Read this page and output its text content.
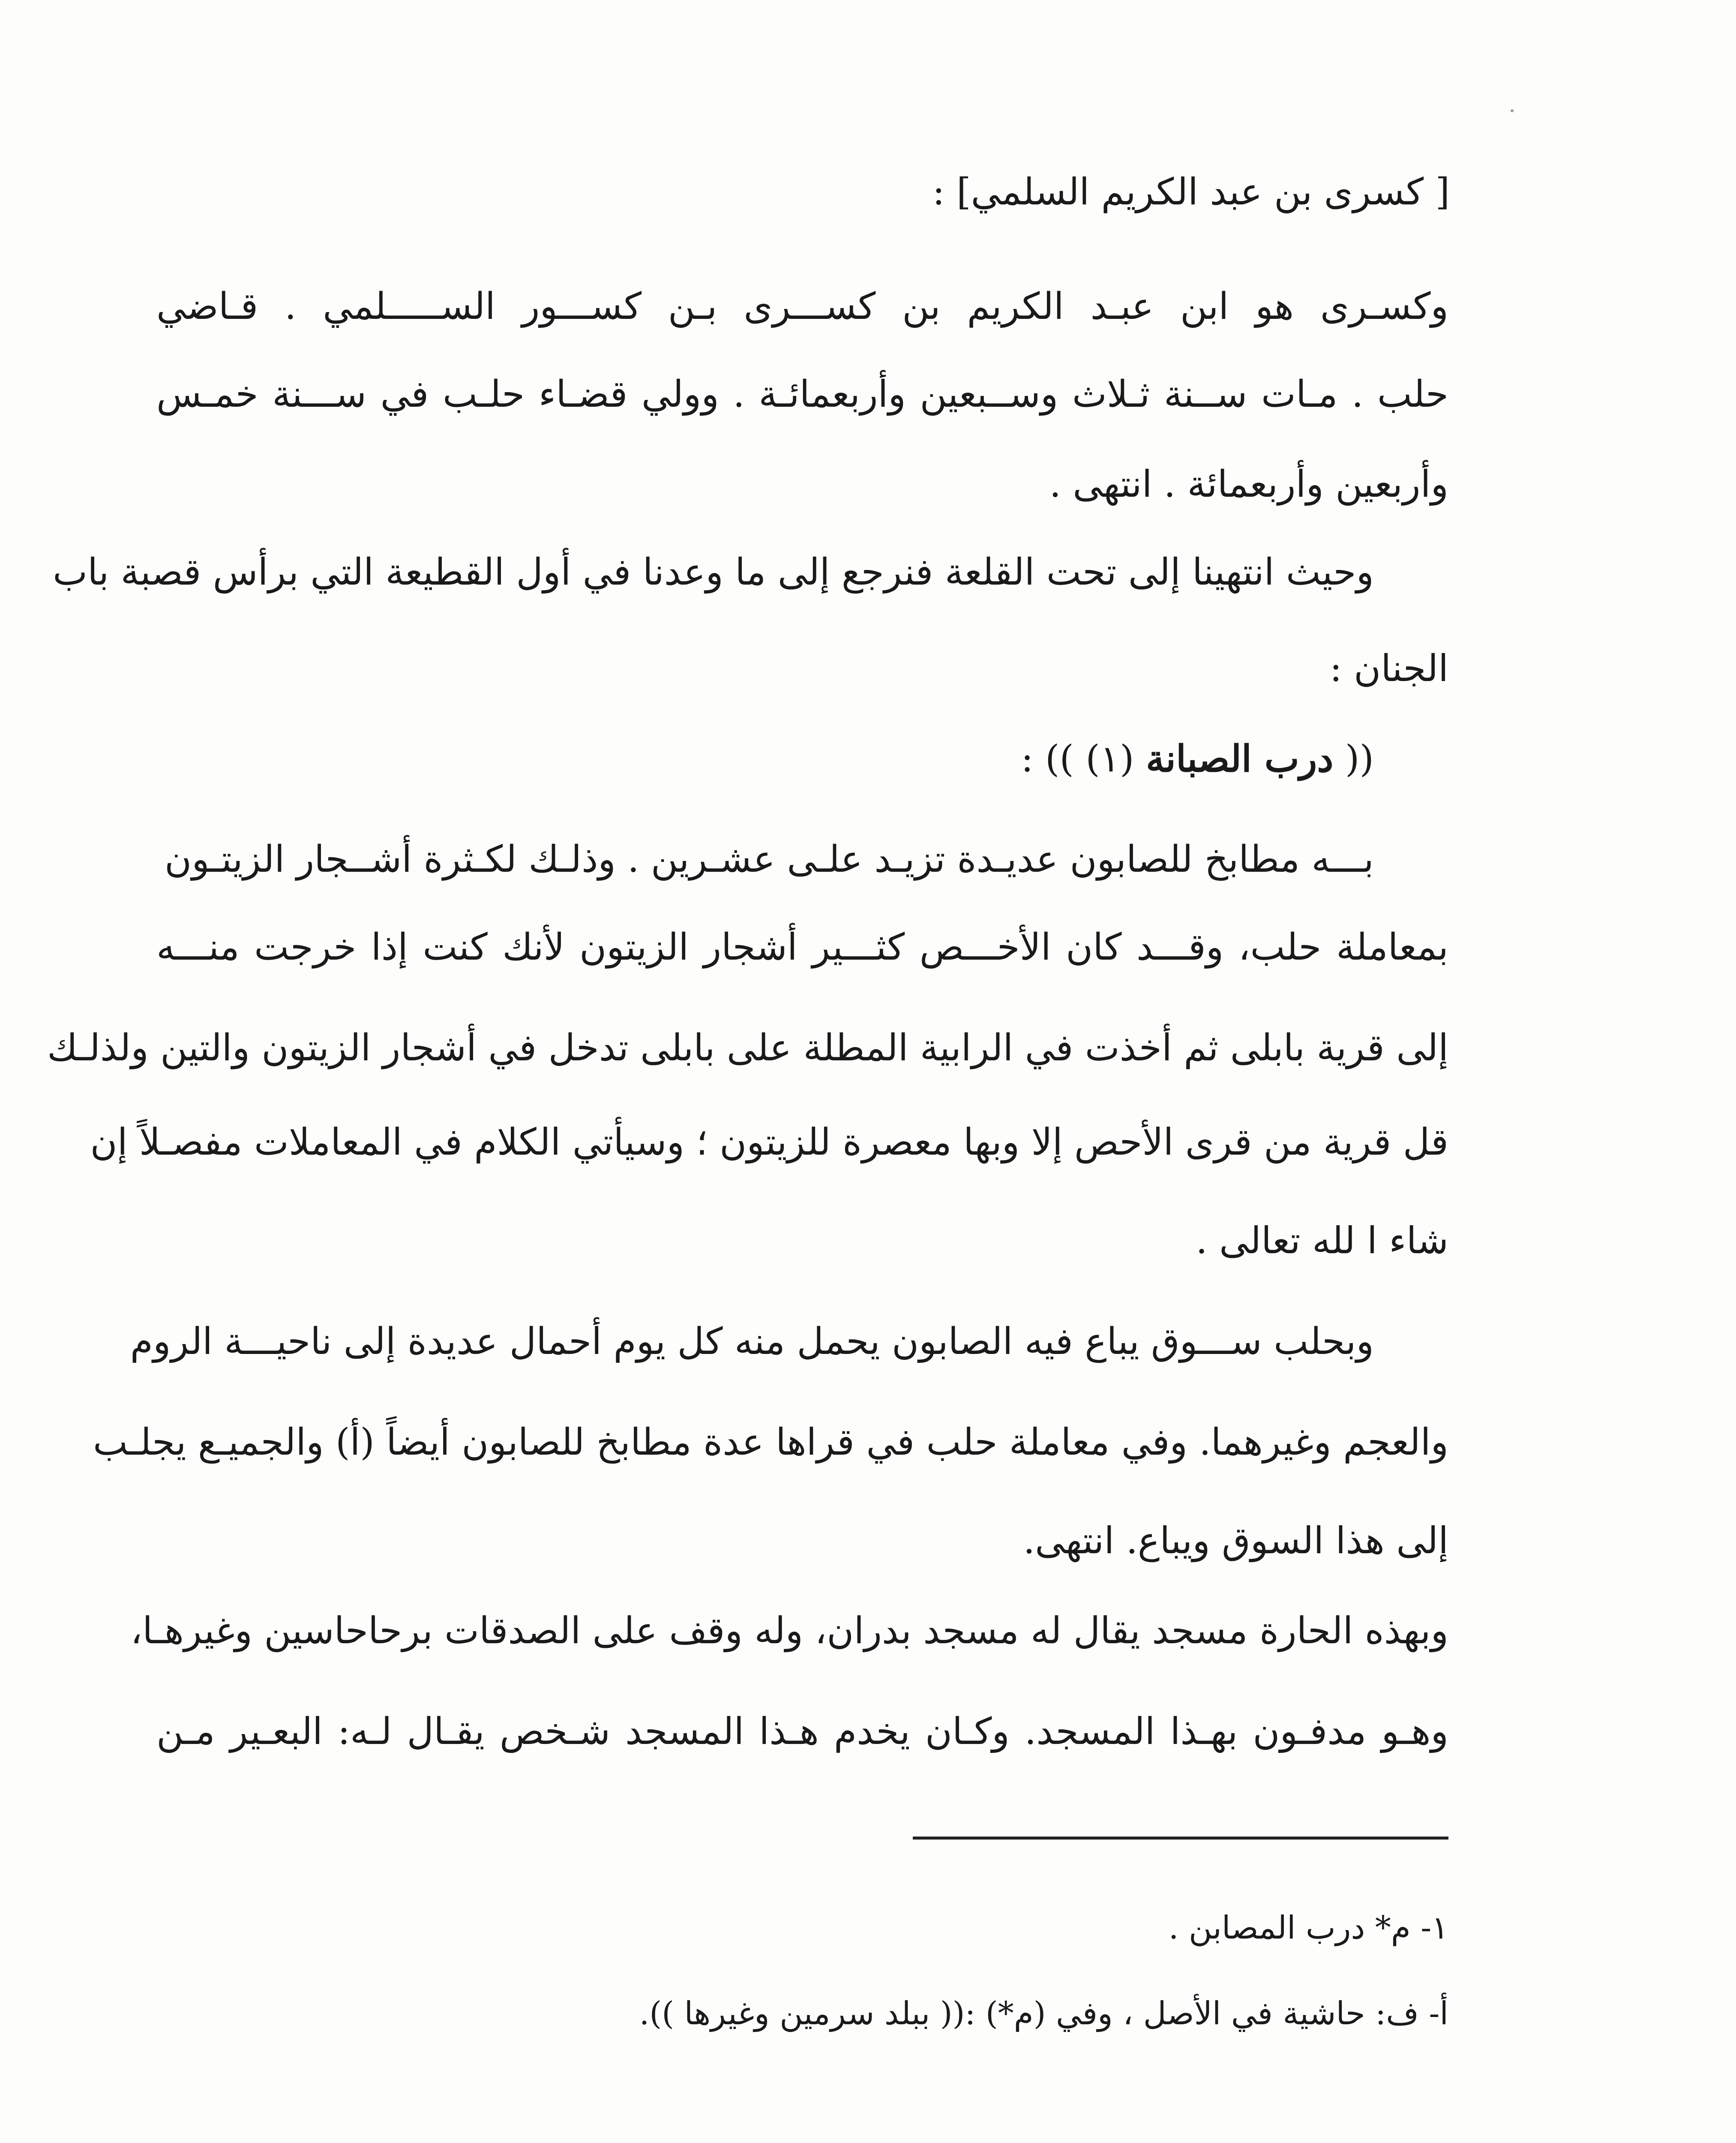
[ كسرى بن عبد الكريم السلمي] :
وكسـرى هو ابن عبـد الكريم بن كســـرى بـن كســـور الســـــلمي . قـاضي
حلب . مـات ســنة ثـلاث وســبعين وأربعمائـة . وولي قضـاء حلـب في ســـنة خمـس
وأربعين وأربعمائة . انتهى .
وحيث انتهينا إلى تحت القلعة فنرجع إلى ما وعدنا في أول القطيعة التي برأس قصبة باب
الجنان :
(( درب الصبانة (١) )) :
بـــه مطابخ للصابون عديـدة تزيـد علـى عشـرين . وذلـك لكـثرة أشــجار الزيتـون
بمعاملة حلب، وقـــد كان الأخـــص كثـــير أشجار الزيتون لأنك كنت إذا خرجت منـــه
إلى قرية بابلى ثم أخذت في الرابية المطلة على بابلى تدخل في أشجار الزيتون والتين ولذلـك
قل قرية من قرى الأحص إلا وبها معصرة للزيتون ؛ وسيأتي الكلام في المعاملات مفصـلاً إن
شاء ا لله تعالى .
وبحلب ســـوق يباع فيه الصابون يحمل منه كل يوم أحمال عديدة إلى ناحيـــة الروم
والعجم وغيرهما. وفي معاملة حلب في قراها عدة مطابخ للصابون أيضاً (أ) والجميـع يجلـب
إلى هذا السوق ويباع. انتهى.
وبهذه الحارة مسجد يقال له مسجد بدران، وله وقف على الصدقات برحاحاسين وغيرهـا،
وهـو مدفـون بهـذا المسجد. وكـان يخدم هـذا المسجد شـخص يقـال لـه: البعـير مـن
١- م* درب المصابن .
أ- ف: حاشية في الأصل ، وفي (م*) :(( ببلد سرمين وغيرها )).
